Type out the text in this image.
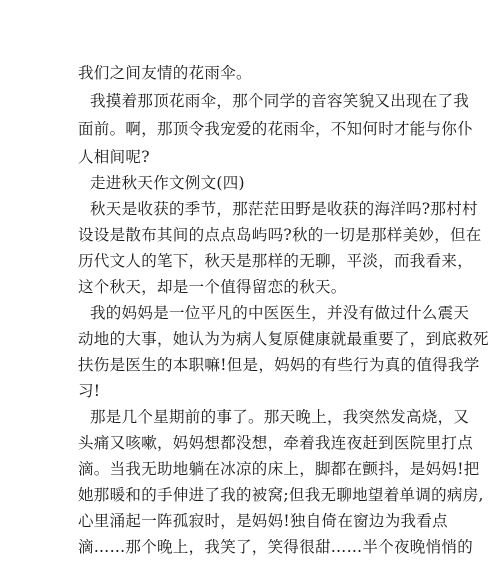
我们之间友情的花雨伞。
我摸着那顶花雨伞，那个同学的音容笑貌又出现在了我
面前。啊，那顶令我宠爱的花雨伞，不知何时才能与你仆
人相间呢?
走进秋天作文例文(四)
秋天是收获的季节，那茫茫田野是收获的海洋吗?那村村
设设是散布其间的点点岛屿吗?秋的一切是那样美妙，但在
历代文人的笔下，秋天是那样的无聊，平淡，而我看来，
这个秋天，却是一个值得留恋的秋天。
我的妈妈是一位平凡的中医医生，并没有做过什么震天
动地的大事，她认为为病人复原健康就最重要了，到底救死
扶伤是医生的本职嘛!但是，妈妈的有些行为真的值得我学
习!
那是几个星期前的事了。那天晚上，我突然发高烧，又
头痛又咳嗽，妈妈想都没想，牵着我连夜赶到医院里打点
滴。当我无助地躺在冰凉的床上，脚都在颤抖，是妈妈!把
她那暖和的手伸进了我的被窝;但我无聊地望着单调的病房,
心里涌起一阵孤寂时，是妈妈!独自倚在窗边为我看点
滴……那个晚上，我笑了，笑得很甜……半个夜晚悄悄的
